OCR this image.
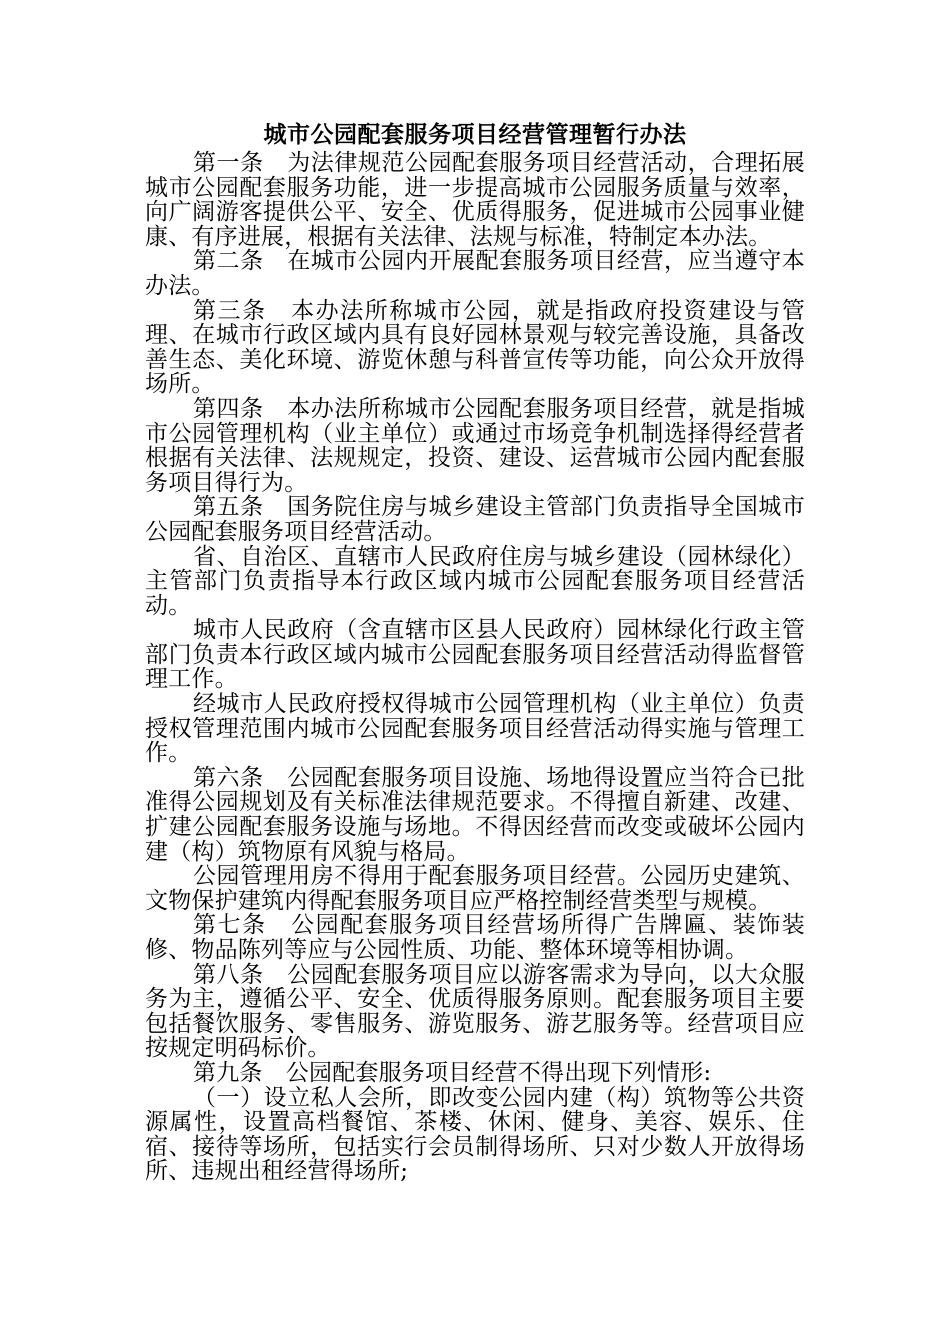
城市公园配套服务项目经营管理暂行办法

第一条　为法律规范公园配套服务项目经营活动，合理拓展城市公园配套服务功能，进一步提高城市公园服务质量与效率，向广阔游客提供公平、安全、优质得服务，促进城市公园事业健康、有序进展，根据有关法律、法规与标准，特制定本办法。

第二条　在城市公园内开展配套服务项目经营，应当遵守本办法。

第三条　本办法所称城市公园，就是指政府投资建设与管理、在城市行政区域内具有良好园林景观与较完善设施，具备改善生态、美化环境、游览休憩与科普宣传等功能，向公众开放得场所。

第四条　本办法所称城市公园配套服务项目经营，就是指城市公园管理机构（业主单位）或通过市场竞争机制选择得经营者根据有关法律、法规规定，投资、建设、运营城市公园内配套服务项目得行为。

第五条　国务院住房与城乡建设主管部门负责指导全国城市公园配套服务项目经营活动。

省、自治区、直辖市人民政府住房与城乡建设（园林绿化）主管部门负责指导本行政区域内城市公园配套服务项目经营活动。

城市人民政府（含直辖市区县人民政府）园林绿化行政主管部门负责本行政区域内城市公园配套服务项目经营活动得监督管理工作。

经城市人民政府授权得城市公园管理机构（业主单位）负责授权管理范围内城市公园配套服务项目经营活动得实施与管理工作。

第六条　公园配套服务项目设施、场地得设置应当符合已批准得公园规划及有关标准法律规范要求。不得擅自新建、改建、扩建公园配套服务设施与场地。不得因经营而改变或破坏公园内建（构）筑物原有风貌与格局。

公园管理用房不得用于配套服务项目经营。公园历史建筑、文物保护建筑内得配套服务项目应严格控制经营类型与规模。

第七条　公园配套服务项目经营场所得广告牌匾、装饰装修、物品陈列等应与公园性质、功能、整体环境等相协调。

第八条　公园配套服务项目应以游客需求为导向，以大众服务为主，遵循公平、安全、优质得服务原则。配套服务项目主要包括餐饮服务、零售服务、游览服务、游艺服务等。经营项目应按规定明码标价。

第九条　公园配套服务项目经营不得出现下列情形:

（一）设立私人会所，即改变公园内建（构）筑物等公共资源属性，设置高档餐馆、茶楼、休闲、健身、美容、娱乐、住宿、接待等场所，包括实行会员制得场所、只对少数人开放得场所、违规出租经营得场所;
